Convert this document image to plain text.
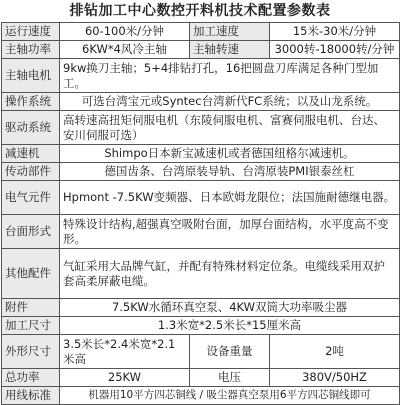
排钻加工中心数控开料机技术配置参数表
运行速度	60-100米/分钟	加工速度	15米-30米/分钟
主轴功率	6KW*4风冷主轴	主轴转速	3000转-18000转/分钟
主轴电机	9kw换刀主轴；5+4排钻打孔，16把圆盘刀库满足各种门型加工。		
操作系统	可选台湾宝元或Syntec台湾新代FC系统；以及山龙系统。		
驱动系统	高转速高扭矩伺服电机（东陵伺服电机、富赛伺服电机、台达、安川伺服可选）		
减速机	Shimpo日本新宝减速机或者德国纽格尔减速机。		
传动部件	德国齿条、台湾原装导轨、台湾原装PMI银泰丝杠		
电气元件	Hpmont -7.5KW变频器、日本欧姆龙限位；法国施耐德继电器。		
台面形式	特殊设计结构,超强真空吸附台面，加厚台面结构，水平度高不变形。		
其他配件	气缸采用大品牌气缸，并配有特殊材料定位条。电缆线采用双护套高柔屏蔽电缆。		
附件	7.5KW水循环真空泵、4KW双筒大功率吸尘器		
加工尺寸	1.3米宽*2.5米长*15厘米高		
外形尺寸	3.5米长*2.4米宽*2.1米高	设备重量	2吨
总功率	25KW	电压	380V/50HZ
用线标准	机器用10平方四芯铜线 / 吸尘器真空泵用6平方四芯铜线即可		
